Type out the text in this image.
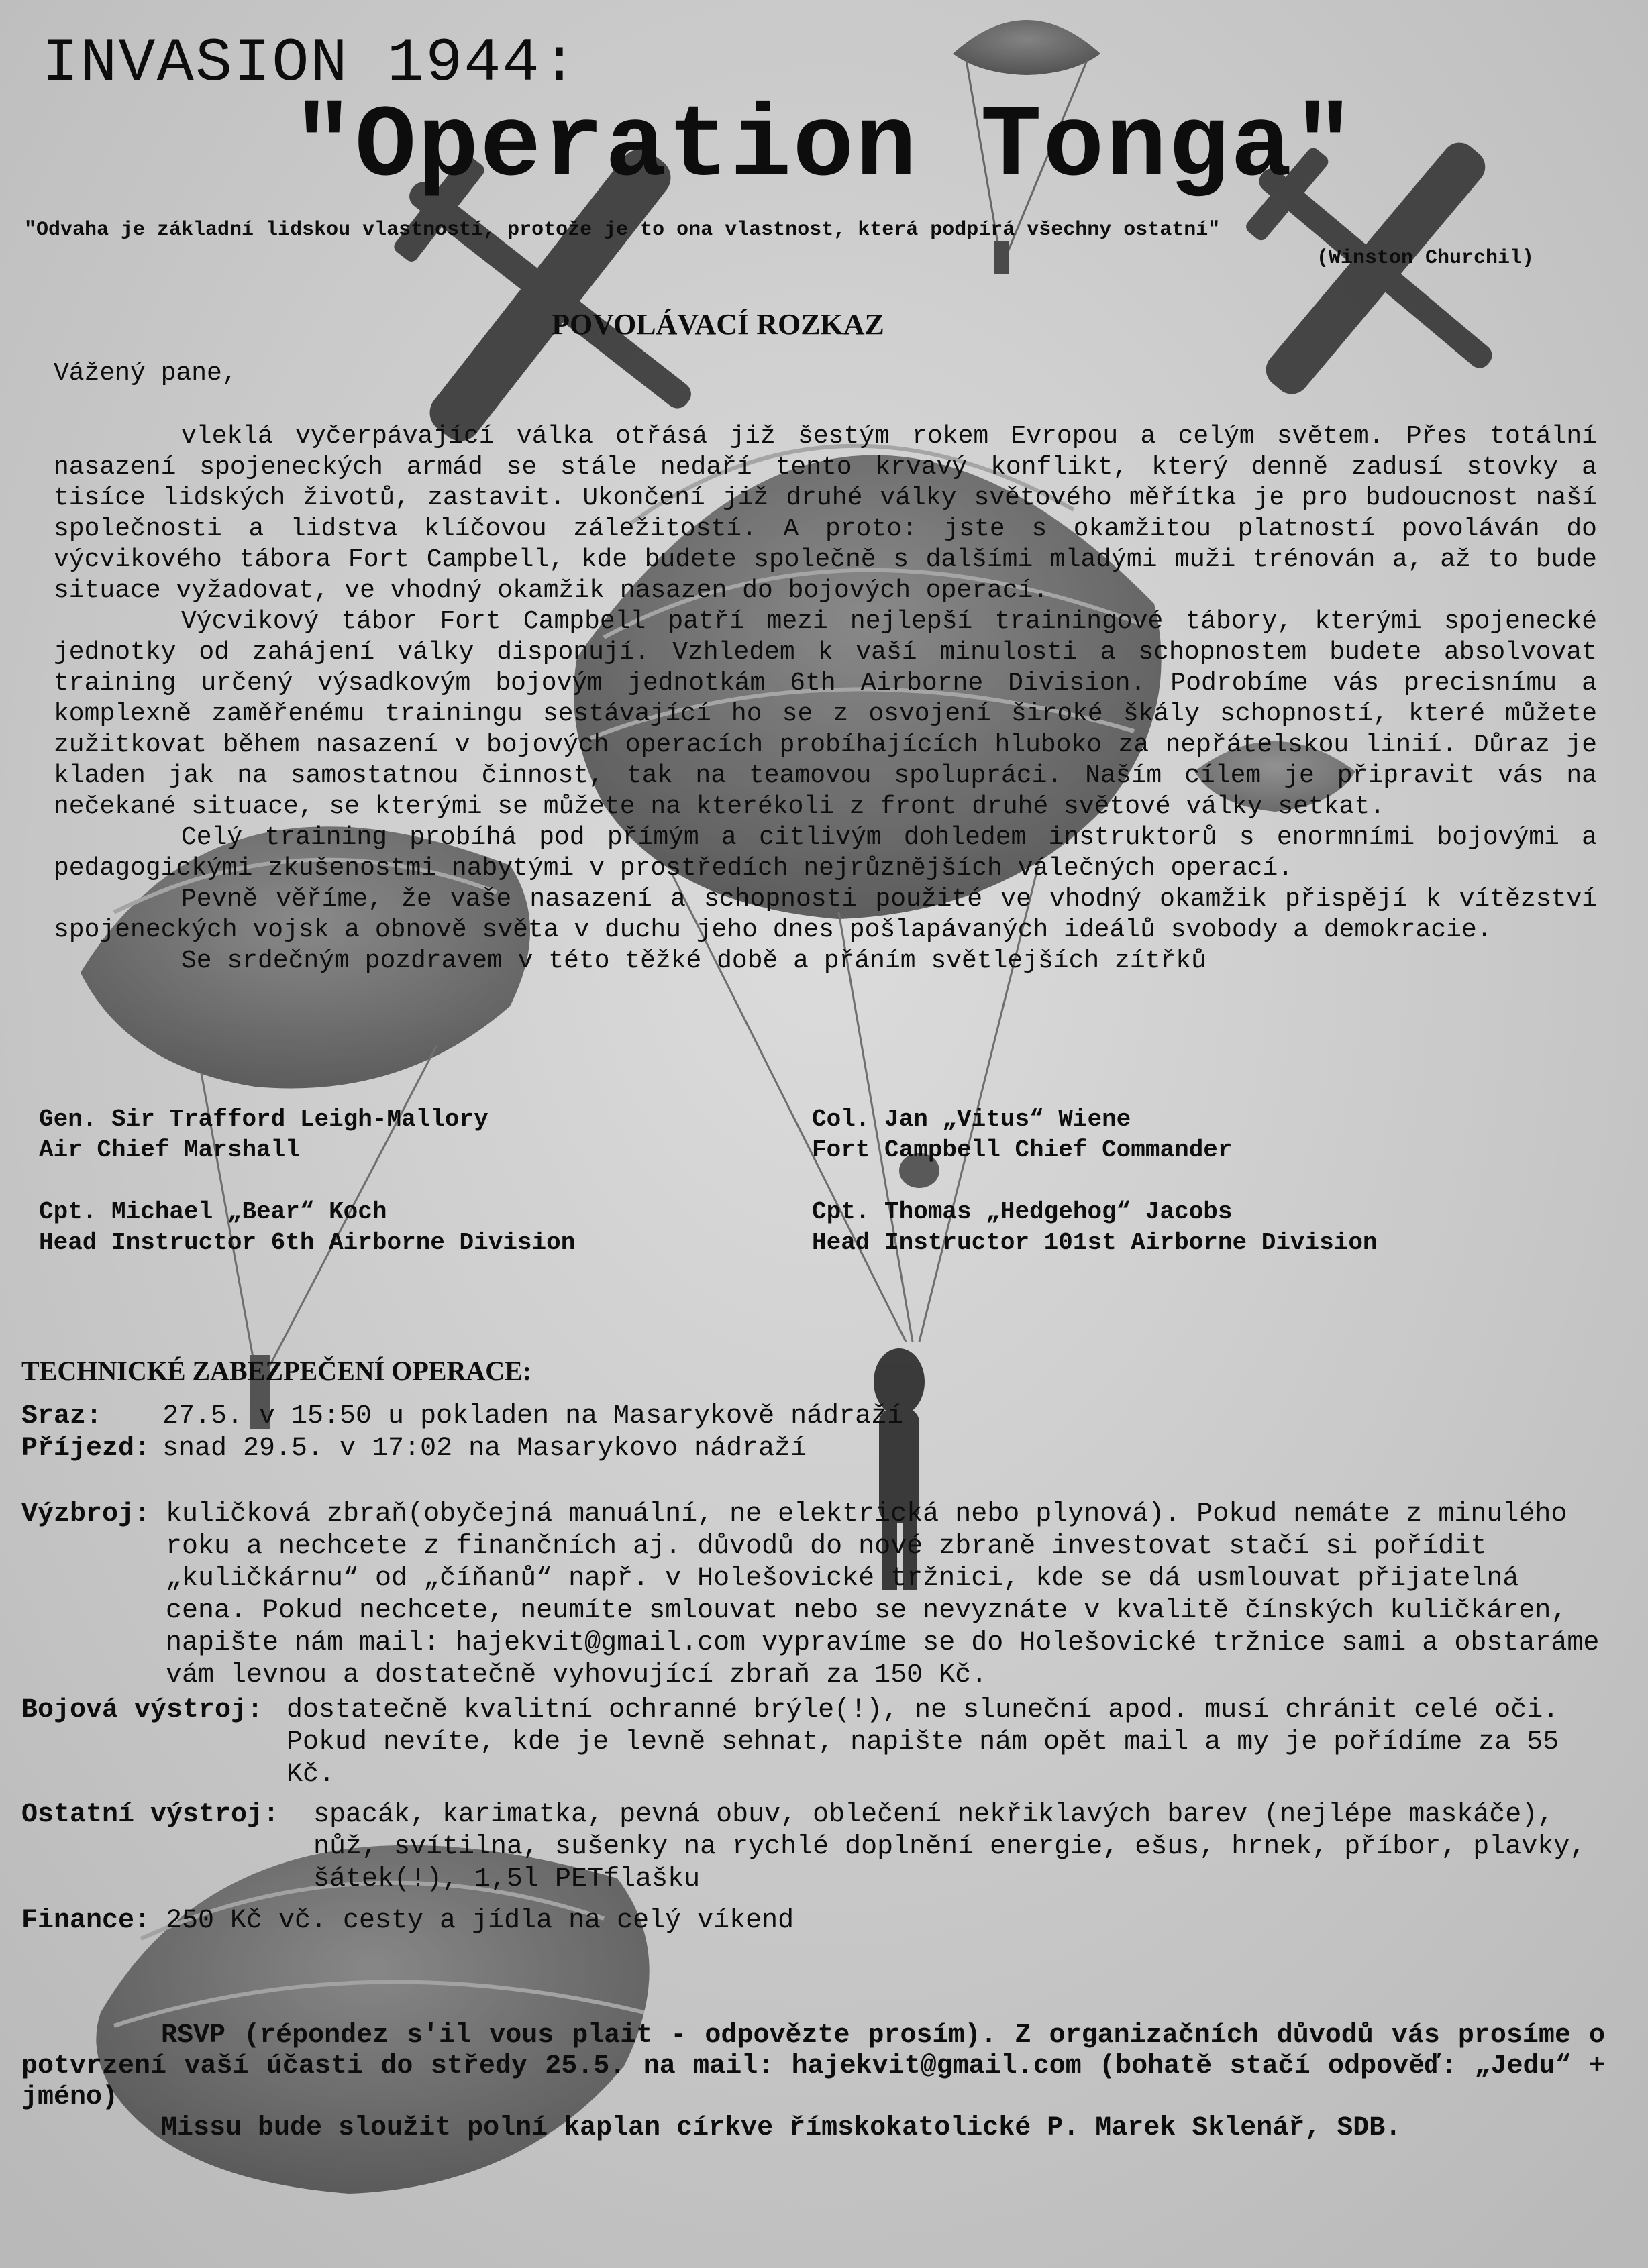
INVASION 1944:
"Operation Tonga"
"Odvaha je základní lidskou vlastností, protože je to ona vlastnost, která podpírá všechny ostatní"
(Winston Churchil)
POVOLÁVACÍ ROZKAZ
Vážený pane,

vleklá vyčerpávající válka otřásá již šestým rokem Evropou a celým světem. Přes totální nasazení spojeneckých armád se stále nedaří tento krvavý konflikt, který denně zadusí stovky a tisíce lidských životů, zastavit. Ukončení již druhé války světového měřítka je pro budoucnost naší společnosti a lidstva klíčovou záležitostí. A proto: jste s okamžitou platností povoláván do výcvikového tábora Fort Campbell, kde budete společně s dalšími mladými muži trénován a, až to bude situace vyžadovat, ve vhodný okamžik nasazen do bojových operací.

Výcvikový tábor Fort Campbell patří mezi nejlepší trainingové tábory, kterými spojenecké jednotky od zahájení války disponují. Vzhledem k vaší minulosti a schopnostem budete absolvovat training určený výsadkovým bojovým jednotkám 6th Airborne Division. Podrobíme vás precisnímu a komplexně zaměřenému trainingu sestávající ho se z osvojení široké škály schopností, které můžete zužitkovat během nasazení v bojových operacích probíhajících hluboko za nepřátelskou linií. Důraz je kladen jak na samostatnou činnost, tak na teamovou spolupráci. Naším cílem je připravit vás na nečekané situace, se kterými se můžete na kterékoli z front druhé světové války setkat.

Celý training probíhá pod přímým a citlivým dohledem instruktorů s enormními bojovými a pedagogickými zkušenostmi nabytými v prostředích nejrůznějších válečných operací.

Pevně věříme, že vaše nasazení a schopnosti použité ve vhodný okamžik přispějí k vítězství spojeneckých vojsk a obnově světa v duchu jeho dnes pošlapávaných ideálů svobody a demokracie.

Se srdečným pozdravem v této těžké době a přáním světlejších zítřků

Gen. Sir Trafford Leigh-Mallory
Air Chief Marshall
Col. Jan „Vitus“ Wiene
Fort Campbell Chief Commander
Cpt. Michael „Bear“ Koch
Head Instructor 6th Airborne Division
Cpt. Thomas „Hedgehog“ Jacobs
Head Instructor 101st Airborne Division
TECHNICKÉ ZABEZPEČENÍ OPERACE:
Sraz:	27.5. v 15:50 u pokladen na Masarykově nádraží
Příjezd: snad 29.5. v 17:02 na Masarykovo nádraží
Výzbroj: kuličková zbraň(obyčejná manuální, ne elektrická nebo plynová). Pokud nemáte z minulého roku a nechcete z finančních aj. důvodů do nové zbraně investovat stačí si pořídit „kuličkárnu“ od „číňanů“ např. v Holešovické tržnici, kde se dá usmlouvat přijatelná cena. Pokud nechcete, neumíte smlouvat nebo se nevyznáte v kvalitě čínských kuličkáren, napište nám mail: hajekvit@gmail.com vypravíme se do Holešovické tržnice sami a obstaráme vám levnou a dostatečně vyhovující zbraň za 150 Kč.
Bojová výstroj: dostatečně kvalitní ochranné brýle(!), ne sluneční apod. musí chránit celé oči. Pokud nevíte, kde je levně sehnat, napište nám opět mail a my je pořídíme za 55 Kč.
Ostatní výstroj:	spacák, karimatka, pevná obuv, oblečení nekřiklavých barev (nejlépe maskáče), nůž, svítilna, sušenky na rychlé doplnění energie, ešus, hrnek, příbor, plavky, šátek(!), 1,5l PETflašku
Finance: 250 Kč vč. cesty a jídla na celý víkend

RSVP (répondez s'il vous plait - odpovězte prosím). Z organizačních důvodů vás prosíme o potvrzení vaší účasti do středy 25.5. na mail: hajekvit@gmail.com (bohatě stačí odpověď: „Jedu“ + jméno)

Missu bude sloužit polní kaplan církve římskokatolické P. Marek Sklenář, SDB.
